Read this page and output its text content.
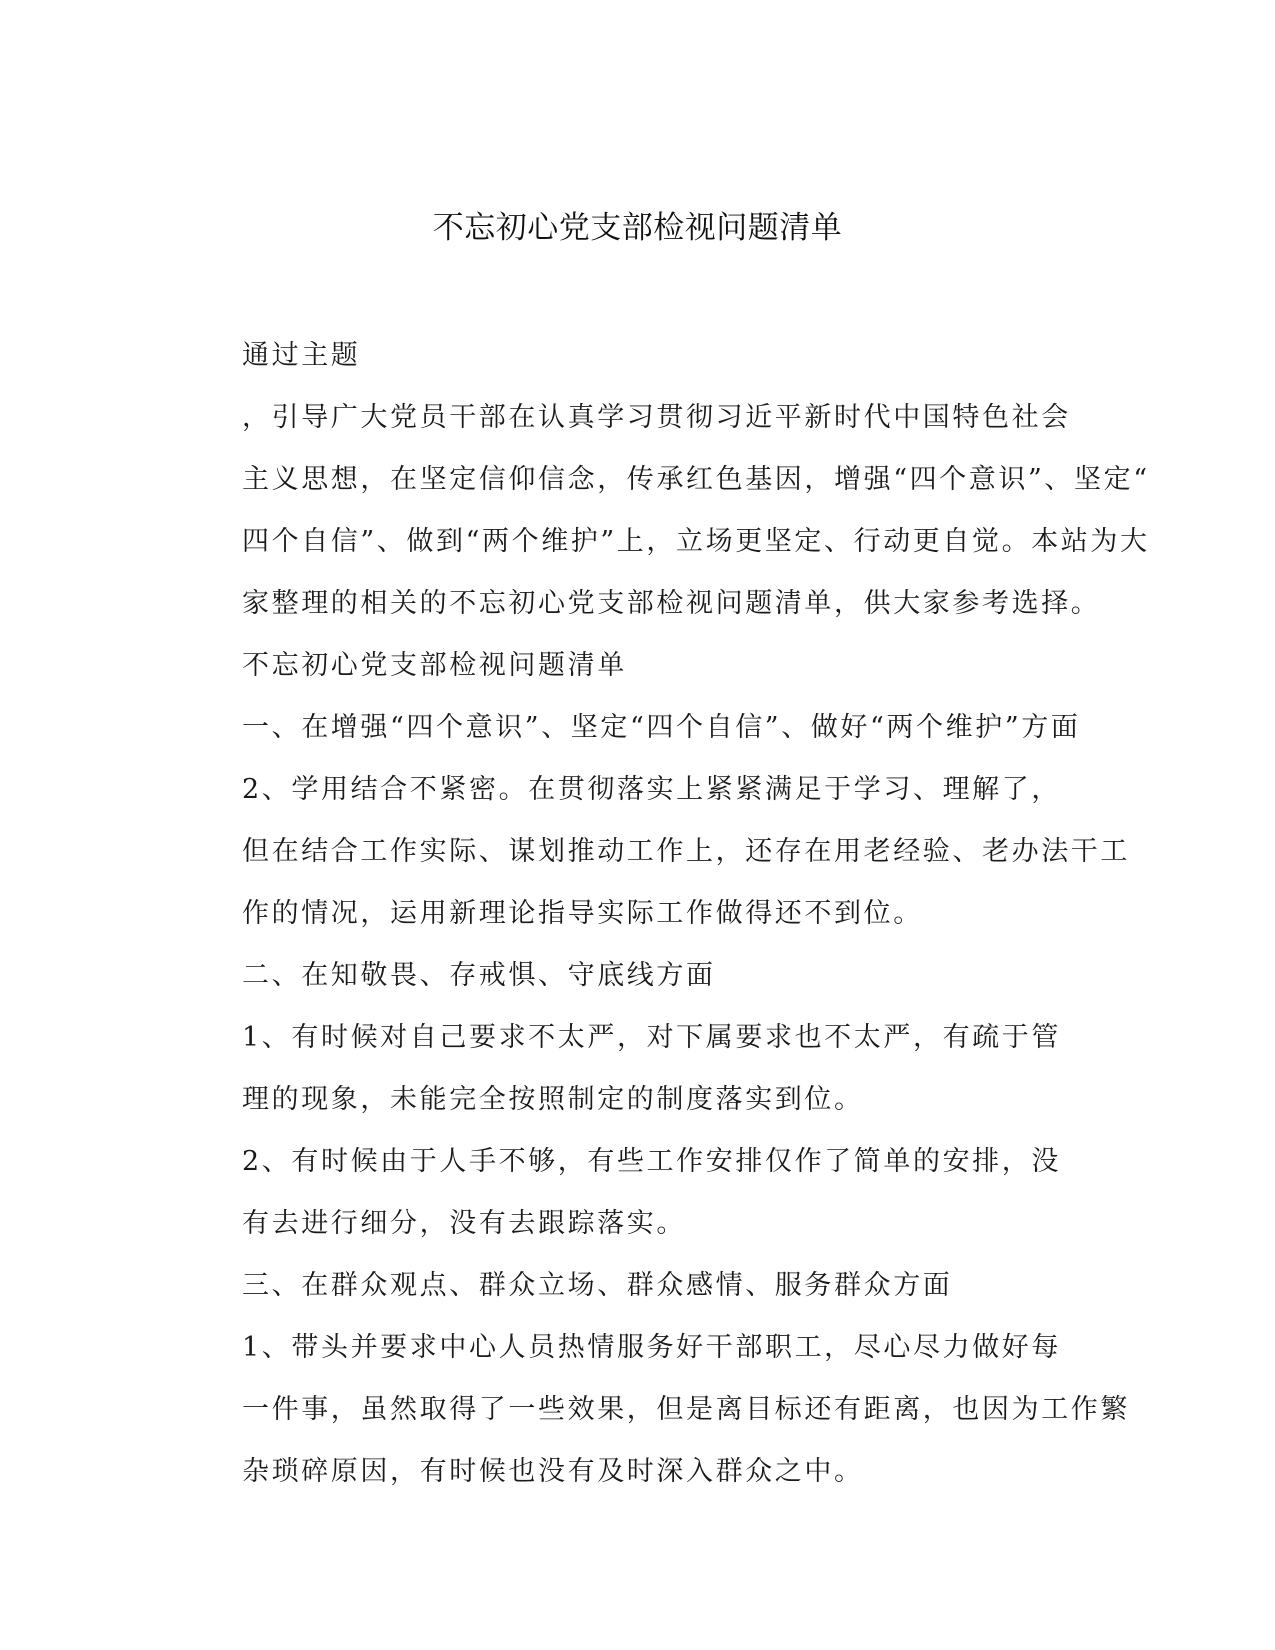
不忘初心党支部检视问题清单

通过主题

，引导广大党员干部在认真学习贯彻习近平新时代中国特色社会
主义思想，在坚定信仰信念，传承红色基因，增强“四个意识”、坚定“
四个自信”、做到“两个维护”上，立场更坚定、行动更自觉。本站为大
家整理的相关的不忘初心党支部检视问题清单，供大家参考选择。

不忘初心党支部检视问题清单

一、在增强“四个意识”、坚定“四个自信”、做好“两个维护”方面

2、学用结合不紧密。在贯彻落实上紧紧满足于学习、理解了，
但在结合工作实际、谋划推动工作上，还存在用老经验、老办法干工
作的情况，运用新理论指导实际工作做得还不到位。

二、在知敬畏、存戒惧、守底线方面

1、有时候对自己要求不太严，对下属要求也不太严，有疏于管
理的现象，未能完全按照制定的制度落实到位。

2、有时候由于人手不够，有些工作安排仅作了简单的安排，没
有去进行细分，没有去跟踪落实。

三、在群众观点、群众立场、群众感情、服务群众方面

1、带头并要求中心人员热情服务好干部职工，尽心尽力做好每
一件事，虽然取得了一些效果，但是离目标还有距离，也因为工作繁
杂琐碎原因，有时候也没有及时深入群众之中。
